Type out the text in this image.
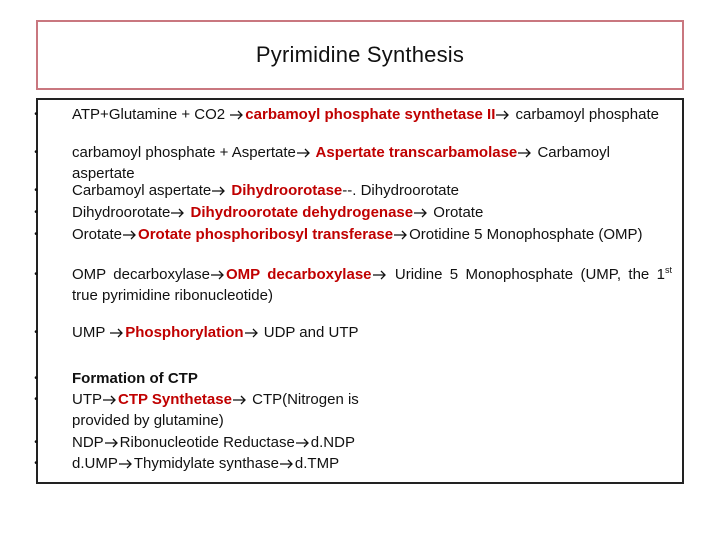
Pyrimidine Synthesis
• ATP+Glutamine + CO2 carbamoyl phosphate synthetase II carbamoyl phosphate
• carbamoyl phosphate + Aspertate Aspertate transcarbamolase Carbamoyl aspertate
• Carbamoyl aspertate Dihydroorotase--. Dihydroorotate
• Dihydroorotate Dihydroorotate dehydrogenase Orotate
• Orotate Orotate phosphoribosyl transferase Orotidine 5 Monophosphate (OMP)
• OMP decarboxylase OMP decarboxylase Uridine 5 Monophosphate (UMP, the 1st true pyrimidine ribonucleotide)
• UMP Phosphorylation UDP and UTP
• Formation of CTP
• UTP CTP Synthetase CTP(Nitrogen is provided by glutamine)
• NDP Ribonucleotide Reductase d.NDP
• d.UMP Thymidylate synthase d.TMP
